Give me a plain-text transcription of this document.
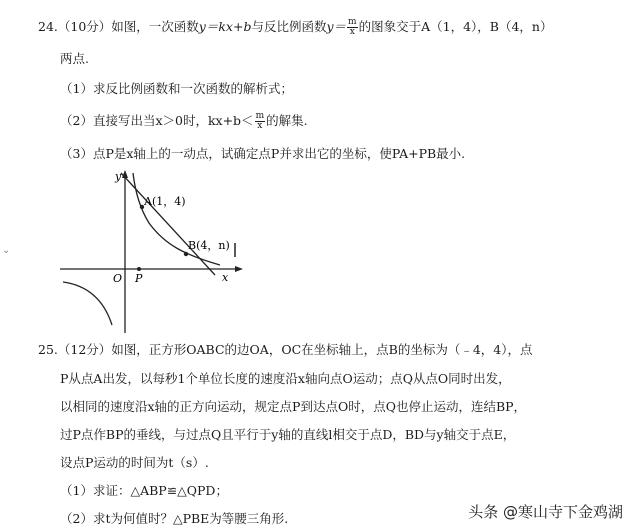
24.（10分）如图，一次函数y＝kx+b与反比例函数$y= \frac{m}{x}$ 的图象交于A（1，4），B（4，n）
两点.
（1）求反比例函数和一次函数的解析式；
（2）直接写出当x＞0时，$kx+b< \frac{m}{x}$ 的解集.
（3）点P是x轴上的一动点，试确定点P并求出它的坐标，使PA+PB最小.
⌄
y
x
O P
A(1，4)
B(4，n)
25.（12分）如图，正方形OABC的边OA，OC在坐标轴上，点B的坐标为（﹣4，4），点
P从点A出发，以每秒1个单位长度的速度沿x轴向点O运动；点Q从点O同时出发，
以相同的速度沿x轴的正方向运动，规定点P到达点O时，点Q也停止运动，连结BP，
过P点作BP的垂线，与过点Q且平行于y轴的直线l相交于点D，BD与y轴交于点E，
设点P运动的时间为t（s）.
（1）求证：△ABP≌△QPD；
（2）求t为何值时？△PBE为等腰三角形.	头条 @寒山寺下金鸡湖
